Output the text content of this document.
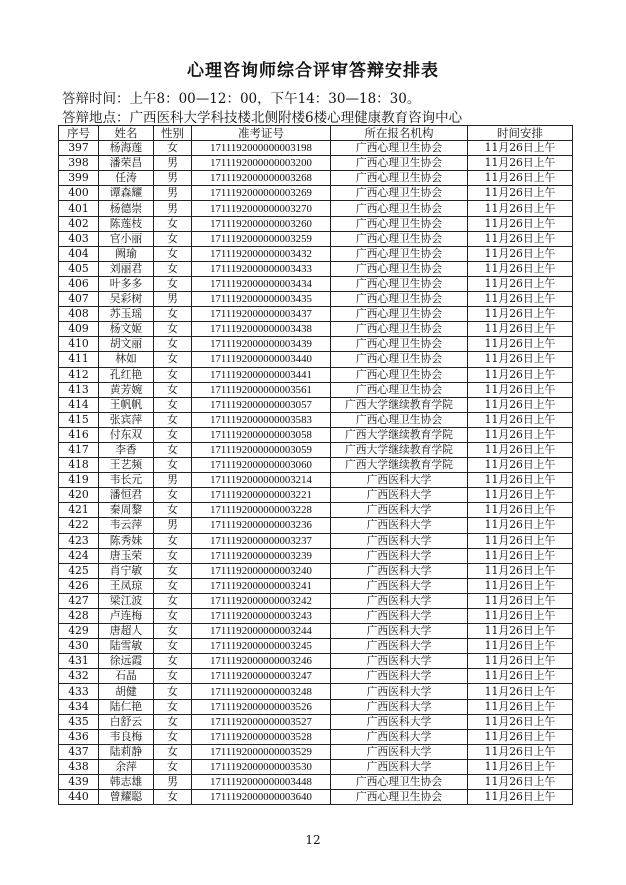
心理咨询师综合评审答辩安排表
答辩时间：上午8：00—12：00，下午14：30—18：30。
答辩地点：广西医科大学科技楼北侧附楼6楼心理健康教育咨询中心
序号	姓名	性别	准考证号	所在报名机构	时间安排
397	杨海莲	女	1711192000000003198	广西心理卫生协会	11月26日上午
398	潘荣昌	男	1711192000000003200	广西心理卫生协会	11月26日上午
399	任涛	男	1711192000000003268	广西心理卫生协会	11月26日上午
400	谭森耀	男	1711192000000003269	广西心理卫生协会	11月26日上午
401	杨德崇	男	1711192000000003270	广西心理卫生协会	11月26日上午
402	陈莲枝	女	1711192000000003260	广西心理卫生协会	11月26日上午
403	官小丽	女	1711192000000003259	广西心理卫生协会	11月26日上午
404	阙瑜	女	1711192000000003432	广西心理卫生协会	11月26日上午
405	刘丽君	女	1711192000000003433	广西心理卫生协会	11月26日上午
406	叶多多	女	1711192000000003434	广西心理卫生协会	11月26日上午
407	吴彩树	男	1711192000000003435	广西心理卫生协会	11月26日上午
408	苏玉瑶	女	1711192000000003437	广西心理卫生协会	11月26日上午
409	杨文姬	女	1711192000000003438	广西心理卫生协会	11月26日上午
410	胡文丽	女	1711192000000003439	广西心理卫生协会	11月26日上午
411	林如	女	1711192000000003440	广西心理卫生协会	11月26日上午
412	孔红艳	女	1711192000000003441	广西心理卫生协会	11月26日上午
413	黄芳婉	女	1711192000000003561	广西心理卫生协会	11月26日上午
414	王帆帆	女	1711192000000003057	广西大学继续教育学院	11月26日上午
415	张宾萍	女	1711192000000003583	广西心理卫生协会	11月26日上午
416	付东双	女	1711192000000003058	广西大学继续教育学院	11月26日上午
417	李香	女	1711192000000003059	广西大学继续教育学院	11月26日上午
418	王艺频	女	1711192000000003060	广西大学继续教育学院	11月26日上午
419	韦长元	男	1711192000000003214	广西医科大学	11月26日上午
420	潘恒君	女	1711192000000003221	广西医科大学	11月26日上午
421	秦周黎	女	1711192000000003228	广西医科大学	11月26日上午
422	韦云萍	男	1711192000000003236	广西医科大学	11月26日上午
423	陈秀妹	女	1711192000000003237	广西医科大学	11月26日上午
424	唐玉荣	女	1711192000000003239	广西医科大学	11月26日上午
425	肖宁敏	女	1711192000000003240	广西医科大学	11月26日上午
426	王凤琼	女	1711192000000003241	广西医科大学	11月26日上午
427	梁江波	女	1711192000000003242	广西医科大学	11月26日上午
428	卢连梅	女	1711192000000003243	广西医科大学	11月26日上午
429	唐超人	女	1711192000000003244	广西医科大学	11月26日上午
430	陆雪敏	女	1711192000000003245	广西医科大学	11月26日上午
431	徐远霞	女	1711192000000003246	广西医科大学	11月26日上午
432	石晶	女	1711192000000003247	广西医科大学	11月26日上午
433	胡健	女	1711192000000003248	广西医科大学	11月26日上午
434	陆仁艳	女	1711192000000003526	广西医科大学	11月26日上午
435	白舒云	女	1711192000000003527	广西医科大学	11月26日上午
436	韦良梅	女	1711192000000003528	广西医科大学	11月26日上午
437	陆莉静	女	1711192000000003529	广西医科大学	11月26日上午
438	余萍	女	1711192000000003530	广西医科大学	11月26日上午
439	韩志雄	男	1711192000000003448	广西心理卫生协会	11月26日上午
440	曾耀聪	女	1711192000000003640	广西心理卫生协会	11月26日上午
12
